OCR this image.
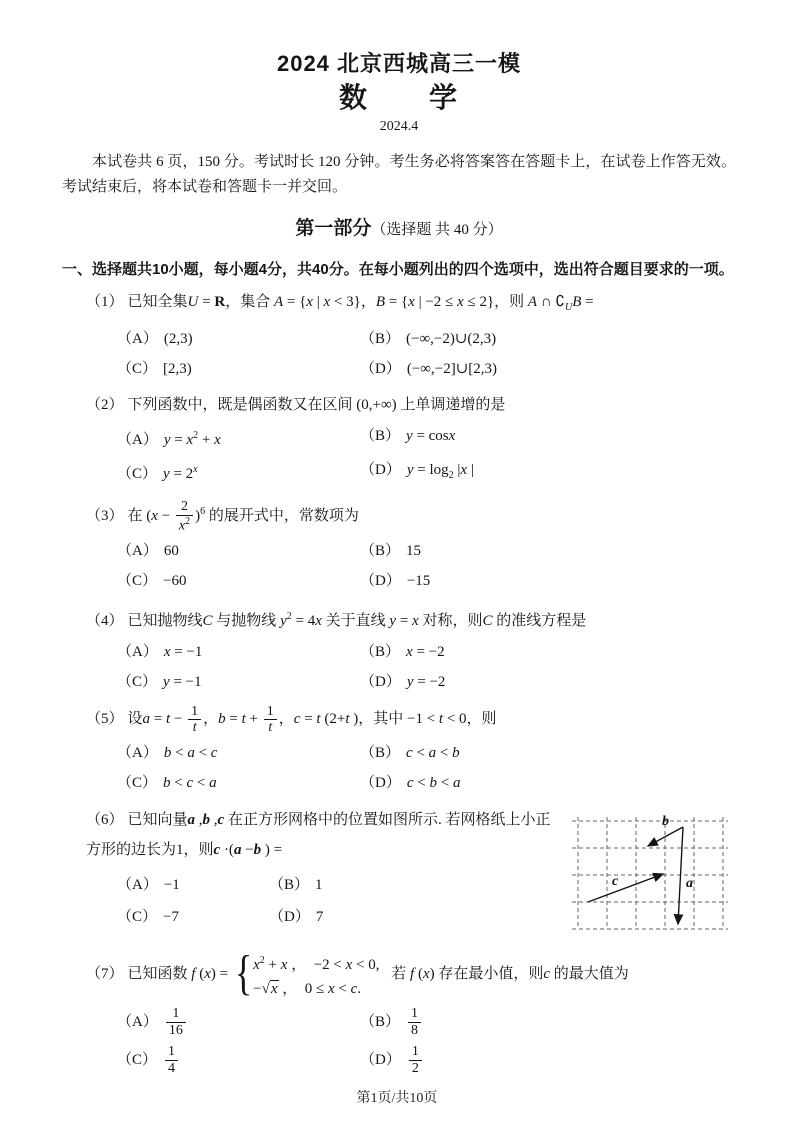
2024 北京西城高三一模
数　　学
2024.4

本试卷共 6 页，150 分。考试时长 120 分钟。考生务必将答案答在答题卡上，在试卷上作答无效。考试结束后，将本试卷和答题卡一并交回。

第一部分（选择题 共 40 分）
一、选择题共10小题，每小题4分，共40分。在每小题列出的四个选项中，选出符合题目要求的一项。
（1） 已知全集U = R，集合 A = {x | x < 3}，B = {x | −2 ≤ x ≤ 2}，则 A ∩ $∁_UB$ =
（A） (2,3)	（B） (−∞,−2)∪(2,3)
（C） [2,3)	（D） (−∞,−2]∪[2,3)
（2） 下列函数中，既是偶函数又在区间 (0,+∞) 上单调递增的是
（A） $y = x^2 + x$	（B） y = cosx
（C） $y = 2^x$	（D） $y = \log_2 |x$ |
（3） 在 $(x - \frac{2}{x^2} )^6$ 的展开式中，常数项为
（A） 60	（B） 15
（C） −60	（D） −15
（4） 已知抛物线C 与抛物线 $y^2 = 4x$ 关于直线 y = x 对称，则C 的准线方程是
（A） x = −1	（B） x = −2
（C） y = −1	（D） y = −2
（5） 设$a = t - \frac{1}{t}$ ，$b = t + \frac{1}{t}$ ，c = t (2+t )，其中 −1 < t < 0，则
（A） b < a < c	（B） c < a < b
（C） b < c < a	（D） c < b < a
（6） 已知向量a ,b ,c 在正方形网格中的位置如图所示. 若网格纸上小正方形的边长为1，则c ·(a −b ) =
（A） −1	（B） 1
（C） −7	（D） 7
b
a
c
（7） 已知函数 f (x) = { $x^2 + x$ ，　−2 < x < 0,
−√x ，　0 ≤ x < c.
若 f (x) 存在最小值，则c 的最大值为
$(A) \frac{1}{16}$	$(B) \frac{1}{8}$
$(C) \frac{1}{4}$	$(D) \frac{1}{2}$
第1页/共10页
